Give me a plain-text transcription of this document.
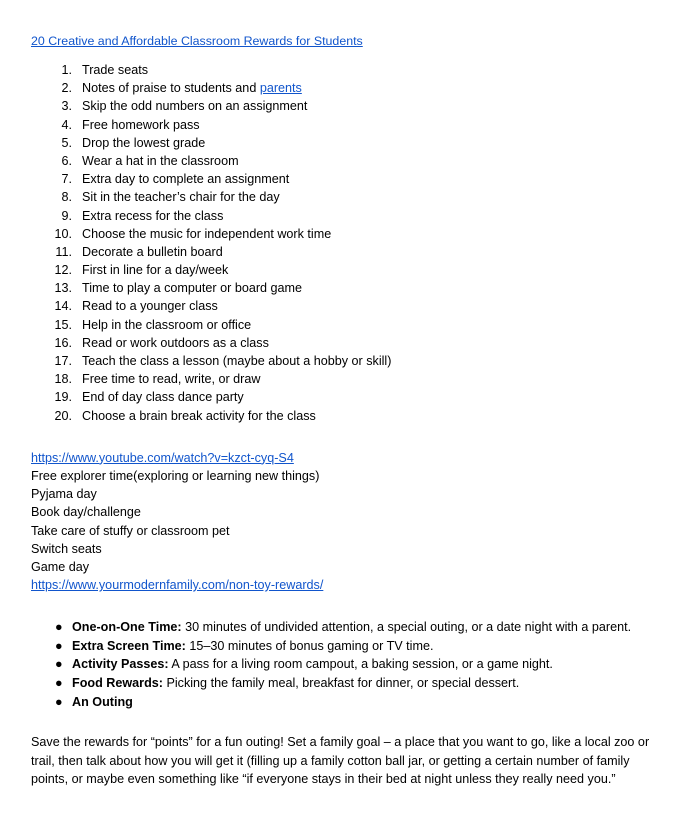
20 Creative and Affordable Classroom Rewards for Students
1. Trade seats
2. Notes of praise to students and parents
3. Skip the odd numbers on an assignment
4. Free homework pass
5. Drop the lowest grade
6. Wear a hat in the classroom
7. Extra day to complete an assignment
8. Sit in the teacher’s chair for the day
9. Extra recess for the class
10. Choose the music for independent work time
11. Decorate a bulletin board
12. First in line for a day/week
13. Time to play a computer or board game
14. Read to a younger class
15. Help in the classroom or office
16. Read or work outdoors as a class
17. Teach the class a lesson (maybe about a hobby or skill)
18. Free time to read, write, or draw
19. End of day class dance party
20. Choose a brain break activity for the class
https://www.youtube.com/watch?v=kzct-cyq-S4
Free explorer time(exploring or learning new things)
Pyjama day
Book day/challenge
Take care of stuffy or classroom pet
Switch seats
Game day
https://www.yourmodernfamily.com/non-toy-rewards/
● One-on-One Time: 30 minutes of undivided attention, a special outing, or a date night with a parent.
● Extra Screen Time: 15–30 minutes of bonus gaming or TV time.
● Activity Passes: A pass for a living room campout, a baking session, or a game night.
● Food Rewards: Picking the family meal, breakfast for dinner, or special dessert.
● An Outing

Save the rewards for “points” for a fun outing! Set a family goal – a place that you want to go, like a local zoo or trail, then talk about how you will get it (filling up a family cotton ball jar, or getting a certain number of family points, or maybe even something like “if everyone stays in their bed at night unless they really need you.”
